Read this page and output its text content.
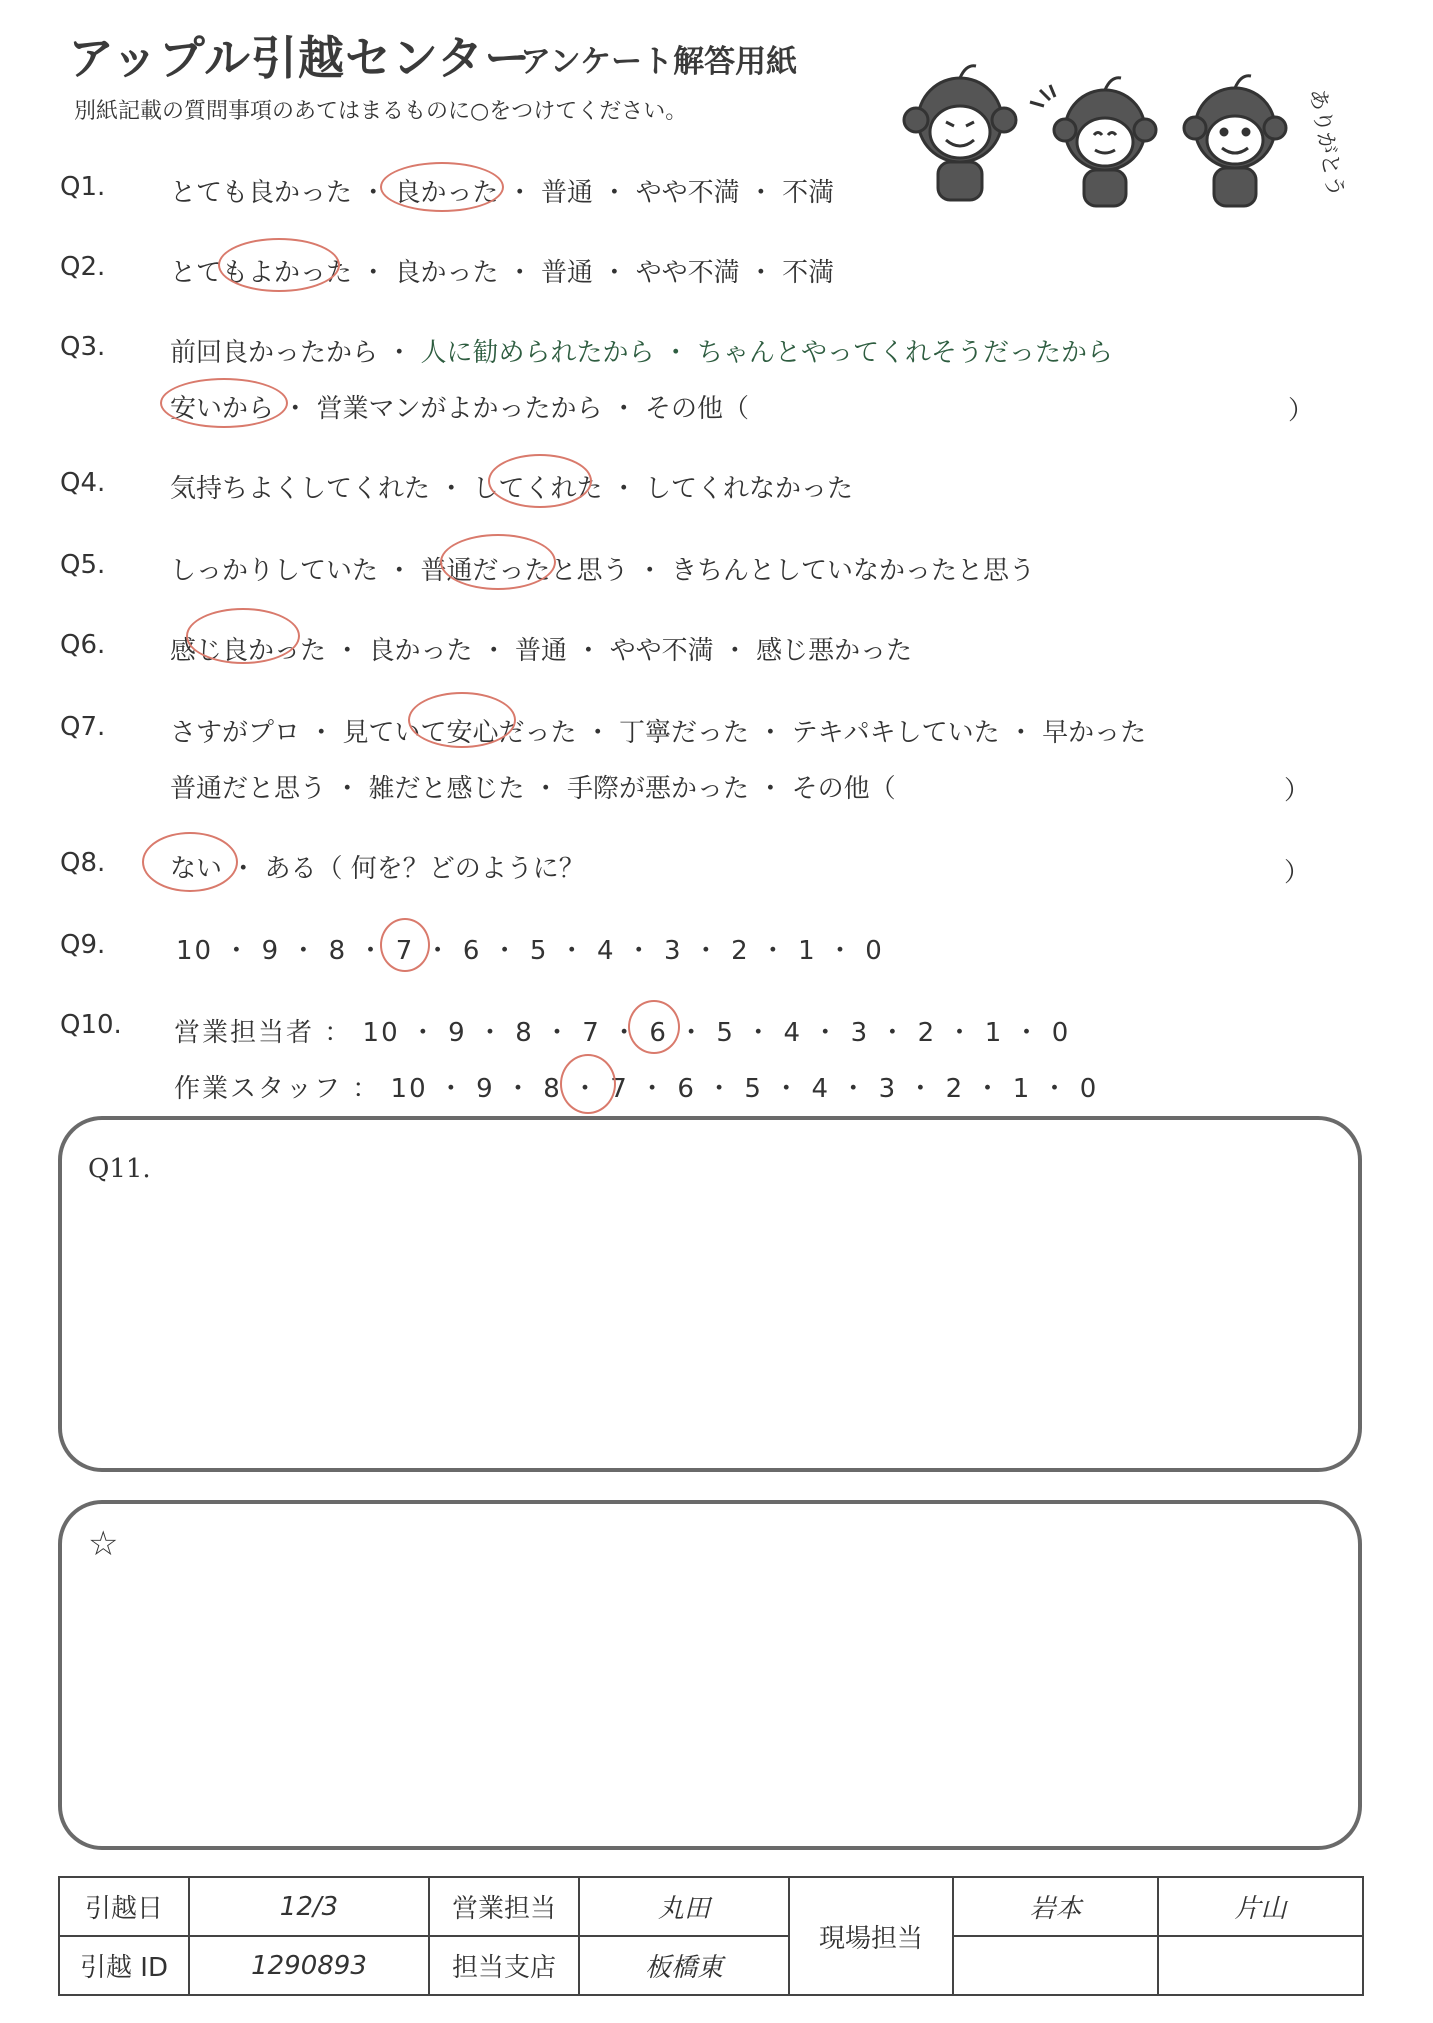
アップル引越センター
アンケート解答用紙
別紙記載の質問事項のあてはまるものに○をつけてください。	ありがとう
Q1. とても良かった ・ 良かった ・ 普通 ・ やや不満 ・ 不満
Q2. とてもよかった ・ 良かった ・ 普通 ・ やや不満 ・ 不満
Q3. 前回良かったから ・ 人に勧められたから ・ ちゃんとやってくれそうだったから
安いから ・ 営業マンがよかったから ・ その他（	）
Q4. 気持ちよくしてくれた ・ してくれた ・ してくれなかった
Q5. しっかりしていた ・ 普通だったと思う ・ きちんとしていなかったと思う
Q6. 感じ良かった ・ 良かった ・ 普通 ・ やや不満 ・ 感じ悪かった
Q7. さすがプロ ・ 見ていて安心だった ・ 丁寧だった ・ テキパキしていた ・ 早かった
普通だと思う ・ 雑だと感じた ・ 手際が悪かった ・ その他（	）
Q8. ない ・ ある（ 何を？どのように？	）
Q9.	10 ・ 9 ・ 8 ・ 7 ・ 6 ・ 5 ・ 4 ・ 3 ・ 2 ・ 1 ・ 0
Q10. 営業担当者 ： 10 ・ 9 ・ 8 ・ 7 ・ 6 ・ 5 ・ 4 ・ 3 ・ 2 ・ 1 ・ 0
作業スタッフ ： 10 ・ 9 ・ 8 ・ 7 ・ 6 ・ 5 ・ 4 ・ 3 ・ 2 ・ 1 ・ 0
Q11.
☆
引越日	12/3	営業担当	丸田	現場担当	岩本	片山
引越 ID	1290893	担当支店	板橋東			
